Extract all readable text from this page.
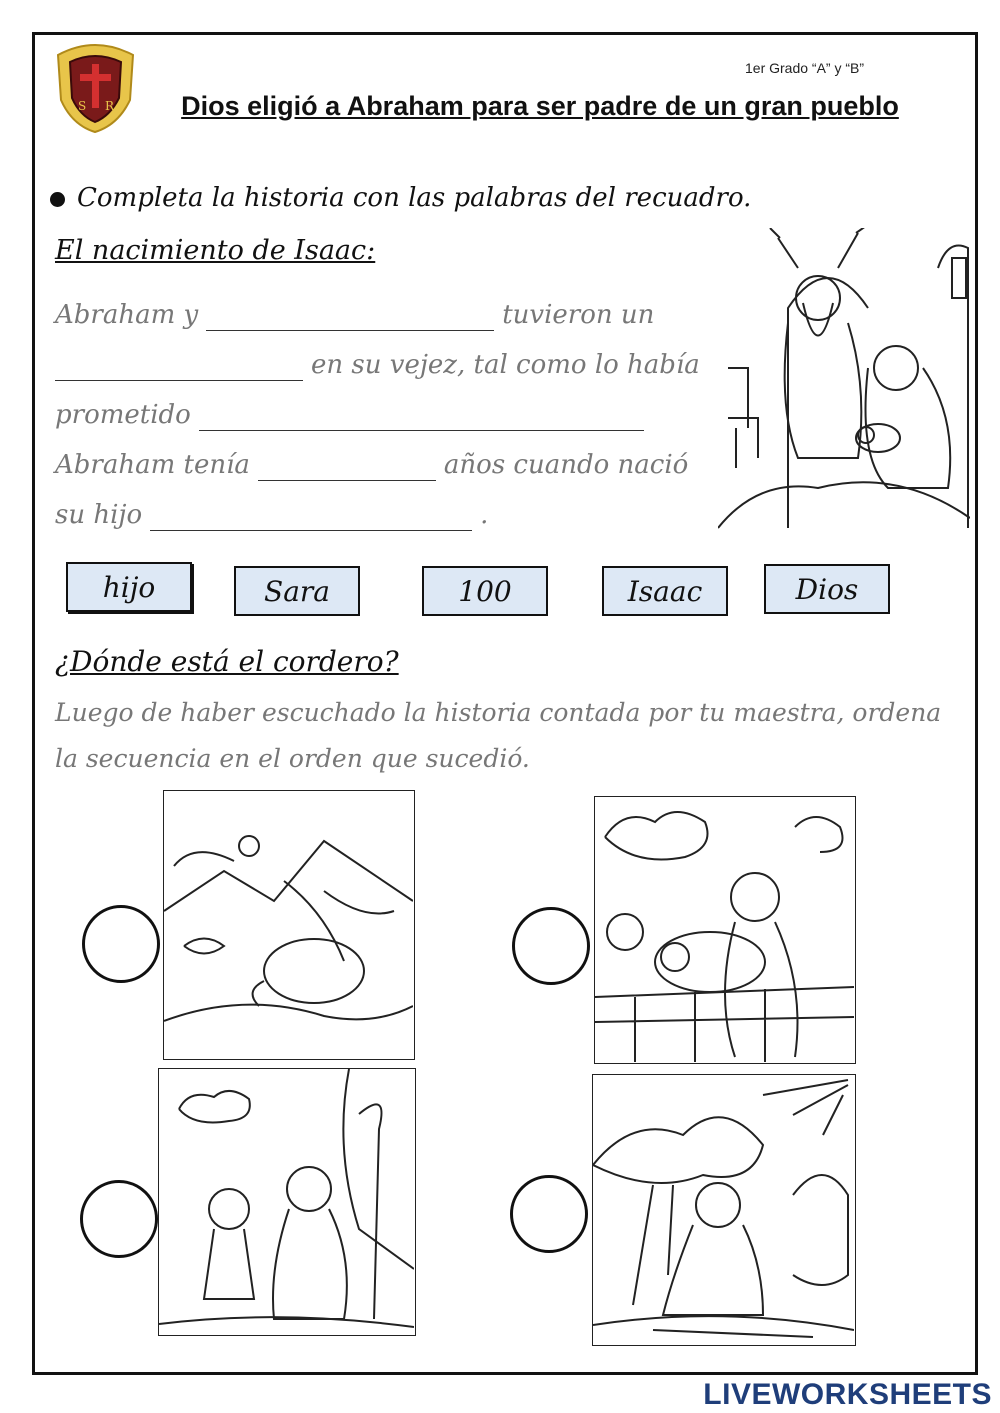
S R
1er Grado “A” y “B”
Dios eligió a Abraham para ser padre de un gran pueblo
Completa la historia con las palabras del recuadro.
El nacimiento de Isaac:
Abraham y	tuvieron un
en su vejez, tal como lo había
prometido
Abraham tenía	años cuando nació
su hijo	.
hijo	Sara	100	Isaac	Dios
¿Dónde está el cordero?
Luego de haber escuchado la historia contada por tu maestra, ordena
la secuencia en el orden que sucedió.
LIVEWORKSHEETS
